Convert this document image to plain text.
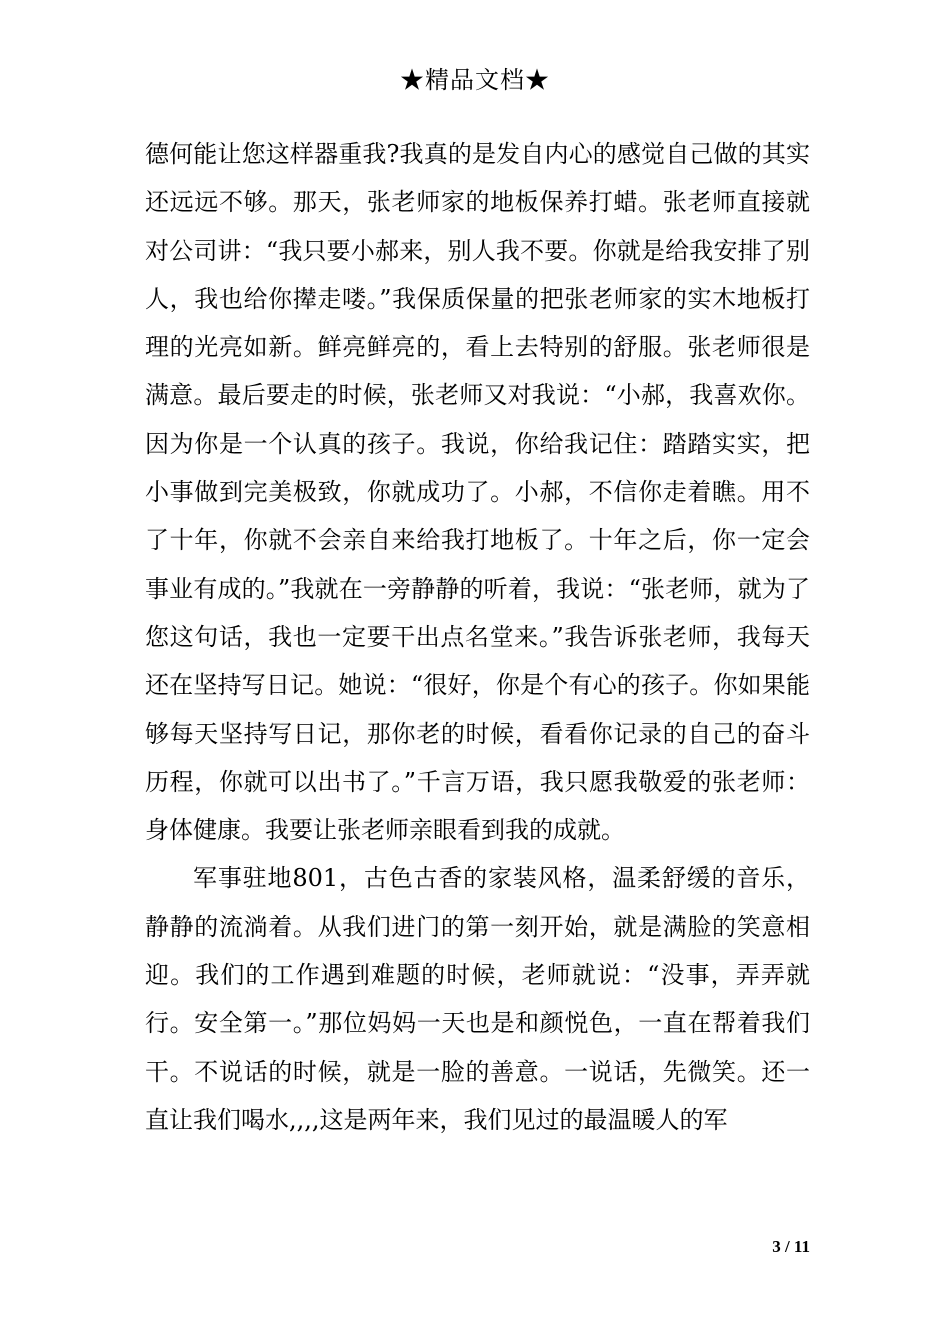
★精品文档★

德何能让您这样器重我?我真的是发自内心的感觉自己做的其实还远远不够。那天，张老师家的地板保养打蜡。张老师直接就对公司讲：“我只要小郝来，别人我不要。你就是给我安排了别人，我也给你撵走喽。”我保质保量的把张老师家的实木地板打理的光亮如新。鲜亮鲜亮的，看上去特别的舒服。张老师很是满意。最后要走的时候，张老师又对我说：“小郝，我喜欢你。因为你是一个认真的孩子。我说，你给我记住：踏踏实实，把小事做到完美极致，你就成功了。小郝，不信你走着瞧。用不了十年，你就不会亲自来给我打地板了。十年之后，你一定会事业有成的。”我就在一旁静静的听着，我说：“张老师，就为了您这句话，我也一定要干出点名堂来。”我告诉张老师，我每天还在坚持写日记。她说：“很好，你是个有心的孩子。你如果能够每天坚持写日记，那你老的时候，看看你记录的自己的奋斗历程，你就可以出书了。”千言万语，我只愿我敬爱的张老师：身体健康。我要让张老师亲眼看到我的成就。

军事驻地801，古色古香的家装风格，温柔舒缓的音乐，静静的流淌着。从我们进门的第一刻开始，就是满脸的笑意相迎。我们的工作遇到难题的时候，老师就说：“没事，弄弄就行。安全第一。”那位妈妈一天也是和颜悦色，一直在帮着我们干。不说话的时候，就是一脸的善意。一说话，先微笑。还一直让我们喝水,,,,这是两年来，我们见过的最温暖人的军

3 / 11
